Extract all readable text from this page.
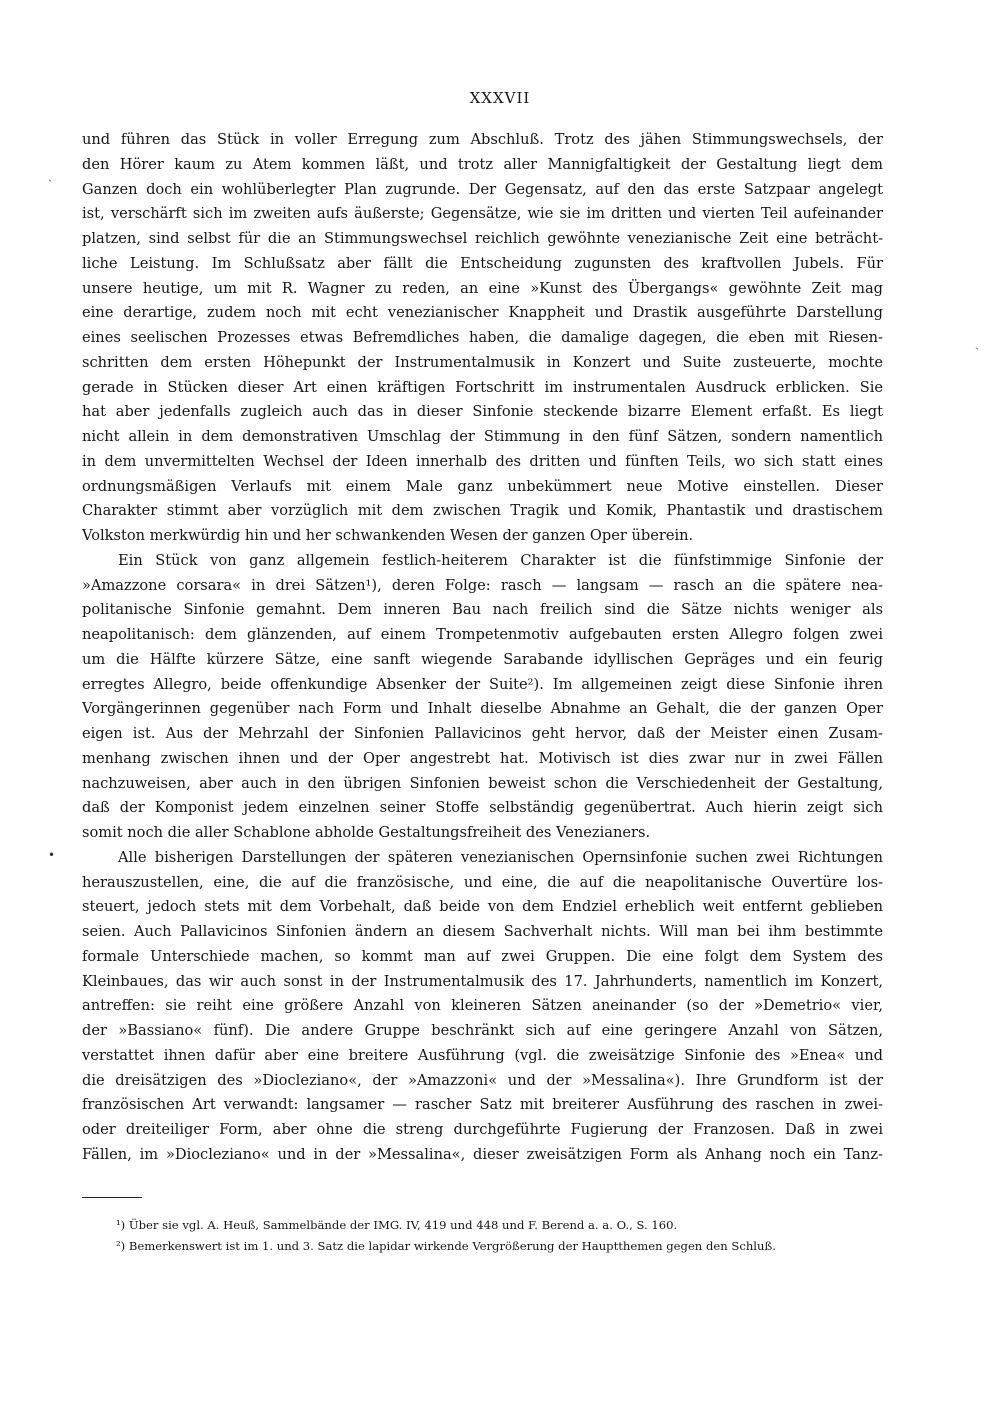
XXXVII
und führen das Stück in voller Erregung zum Abschluß. Trotz des jähen Stimmungswechsels, der
den Hörer kaum zu Atem kommen läßt, und trotz aller Mannigfaltigkeit der Gestaltung liegt dem
Ganzen doch ein wohlüberlegter Plan zugrunde. Der Gegensatz, auf den das erste Satzpaar angelegt
ist, verschärft sich im zweiten aufs äußerste; Gegensätze, wie sie im dritten und vierten Teil aufeinander
platzen, sind selbst für die an Stimmungswechsel reichlich gewöhnte venezianische Zeit eine beträcht-
liche Leistung. Im Schlußsatz aber fällt die Entscheidung zugunsten des kraftvollen Jubels. Für
unsere heutige, um mit R. Wagner zu reden, an eine »Kunst des Übergangs« gewöhnte Zeit mag
eine derartige, zudem noch mit echt venezianischer Knappheit und Drastik ausgeführte Darstellung
eines seelischen Prozesses etwas Befremdliches haben, die damalige dagegen, die eben mit Riesen-
schritten dem ersten Höhepunkt der Instrumentalmusik in Konzert und Suite zusteuerte, mochte
gerade in Stücken dieser Art einen kräftigen Fortschritt im instrumentalen Ausdruck erblicken. Sie
hat aber jedenfalls zugleich auch das in dieser Sinfonie steckende bizarre Element erfaßt. Es liegt
nicht allein in dem demonstrativen Umschlag der Stimmung in den fünf Sätzen, sondern namentlich
in dem unvermittelten Wechsel der Ideen innerhalb des dritten und fünften Teils, wo sich statt eines
ordnungsmäßigen Verlaufs mit einem Male ganz unbekümmert neue Motive einstellen. Dieser
Charakter stimmt aber vorzüglich mit dem zwischen Tragik und Komik, Phantastik und drastischem
Volkston merkwürdig hin und her schwankenden Wesen der ganzen Oper überein.
Ein Stück von ganz allgemein festlich-heiterem Charakter ist die fünfstimmige Sinfonie der
»Amazzone corsara« in drei Sätzen¹), deren Folge: rasch — langsam — rasch an die spätere nea-
politanische Sinfonie gemahnt. Dem inneren Bau nach freilich sind die Sätze nichts weniger als
neapolitanisch: dem glänzenden, auf einem Trompetenmotiv aufgebauten ersten Allegro folgen zwei
um die Hälfte kürzere Sätze, eine sanft wiegende Sarabande idyllischen Gepräges und ein feurig
erregtes Allegro, beide offenkundige Absenker der Suite²). Im allgemeinen zeigt diese Sinfonie ihren
Vorgängerinnen gegenüber nach Form und Inhalt dieselbe Abnahme an Gehalt, die der ganzen Oper
eigen ist. Aus der Mehrzahl der Sinfonien Pallavicinos geht hervor, daß der Meister einen Zusam-
menhang zwischen ihnen und der Oper angestrebt hat. Motivisch ist dies zwar nur in zwei Fällen
nachzuweisen, aber auch in den übrigen Sinfonien beweist schon die Verschiedenheit der Gestaltung,
daß der Komponist jedem einzelnen seiner Stoffe selbständig gegenübertrat. Auch hierin zeigt sich
somit noch die aller Schablone abholde Gestaltungsfreiheit des Venezianers.
Alle bisherigen Darstellungen der späteren venezianischen Opernsinfonie suchen zwei Richtungen
herauszustellen, eine, die auf die französische, und eine, die auf die neapolitanische Ouvertüre los-
steuert, jedoch stets mit dem Vorbehalt, daß beide von dem Endziel erheblich weit entfernt geblieben
seien. Auch Pallavicinos Sinfonien ändern an diesem Sachverhalt nichts. Will man bei ihm bestimmte
formale Unterschiede machen, so kommt man auf zwei Gruppen. Die eine folgt dem System des
Kleinbaues, das wir auch sonst in der Instrumentalmusik des 17. Jahrhunderts, namentlich im Konzert,
antreffen: sie reiht eine größere Anzahl von kleineren Sätzen aneinander (so der »Demetrio« vier,
der »Bassiano« fünf). Die andere Gruppe beschränkt sich auf eine geringere Anzahl von Sätzen,
verstattet ihnen dafür aber eine breitere Ausführung (vgl. die zweisätzige Sinfonie des »Enea« und
die dreisätzigen des »Diocleziano«, der »Amazzoni« und der »Messalina«). Ihre Grundform ist der
französischen Art verwandt: langsamer — rascher Satz mit breiterer Ausführung des raschen in zwei-
oder dreiteiliger Form, aber ohne die streng durchgeführte Fugierung der Franzosen. Daß in zwei
Fällen, im »Diocleziano« und in der »Messalina«, dieser zweisätzigen Form als Anhang noch ein Tanz-
¹) Über sie vgl. A. Heuß, Sammelbände der IMG. IV, 419 und 448 und F. Berend a. a. O., S. 160.
²) Bemerkenswert ist im 1. und 3. Satz die lapidar wirkende Vergrößerung der Hauptthemen gegen den Schluß.
ˏ
•
ˏ
